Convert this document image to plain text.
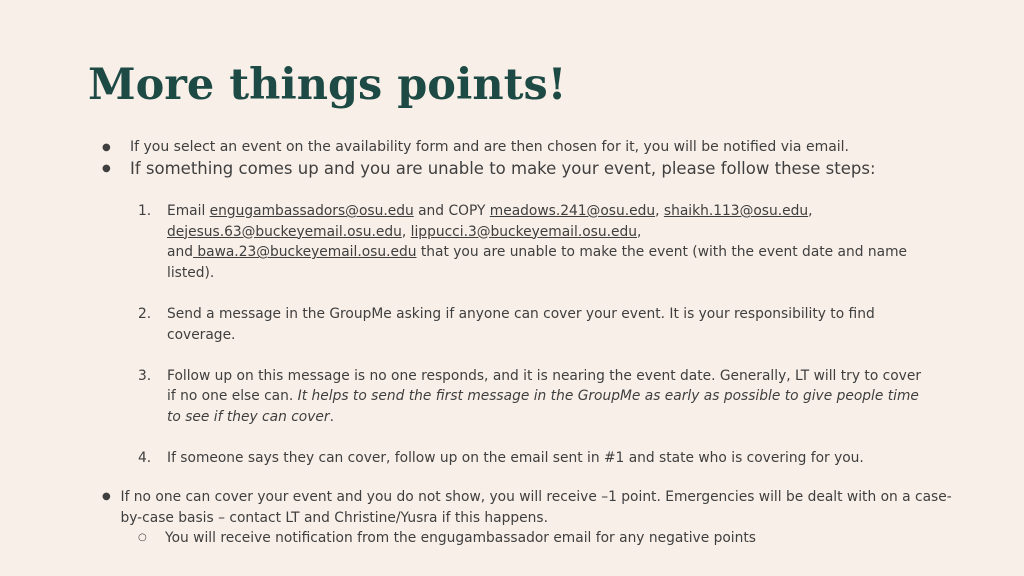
More things points!
●	If you select an event on the availability form and are then chosen for it, you will be notified via email.
●	If something comes up and you are unable to make your event, please follow these steps:
1.	Email engugambassadors@osu.edu and COPY meadows.241@osu.edu, shaikh.113@osu.edu,
dejesus.63@buckeyemail.osu.edu, lippucci.3@buckeyemail.osu.edu,
and bawa.23@buckeyemail.osu.edu that you are unable to make the event (with the event date and name listed).
2.	Send a message in the GroupMe asking if anyone can cover your event. It is your responsibility to find coverage.
3.	Follow up on this message is no one responds, and it is nearing the event date. Generally, LT will try to cover if no one else can. It helps to send the first message in the GroupMe as early as possible to give people time to see if they can cover.
4.	If someone says they can cover, follow up on the email sent in #1 and state who is covering for you.
● If no one can cover your event and you do not show, you will receive –1 point. Emergencies will be dealt with on a case-by-case basis – contact LT and Christine/Yusra if this happens.
○	You will receive notification from the engugambassador email for any negative points
